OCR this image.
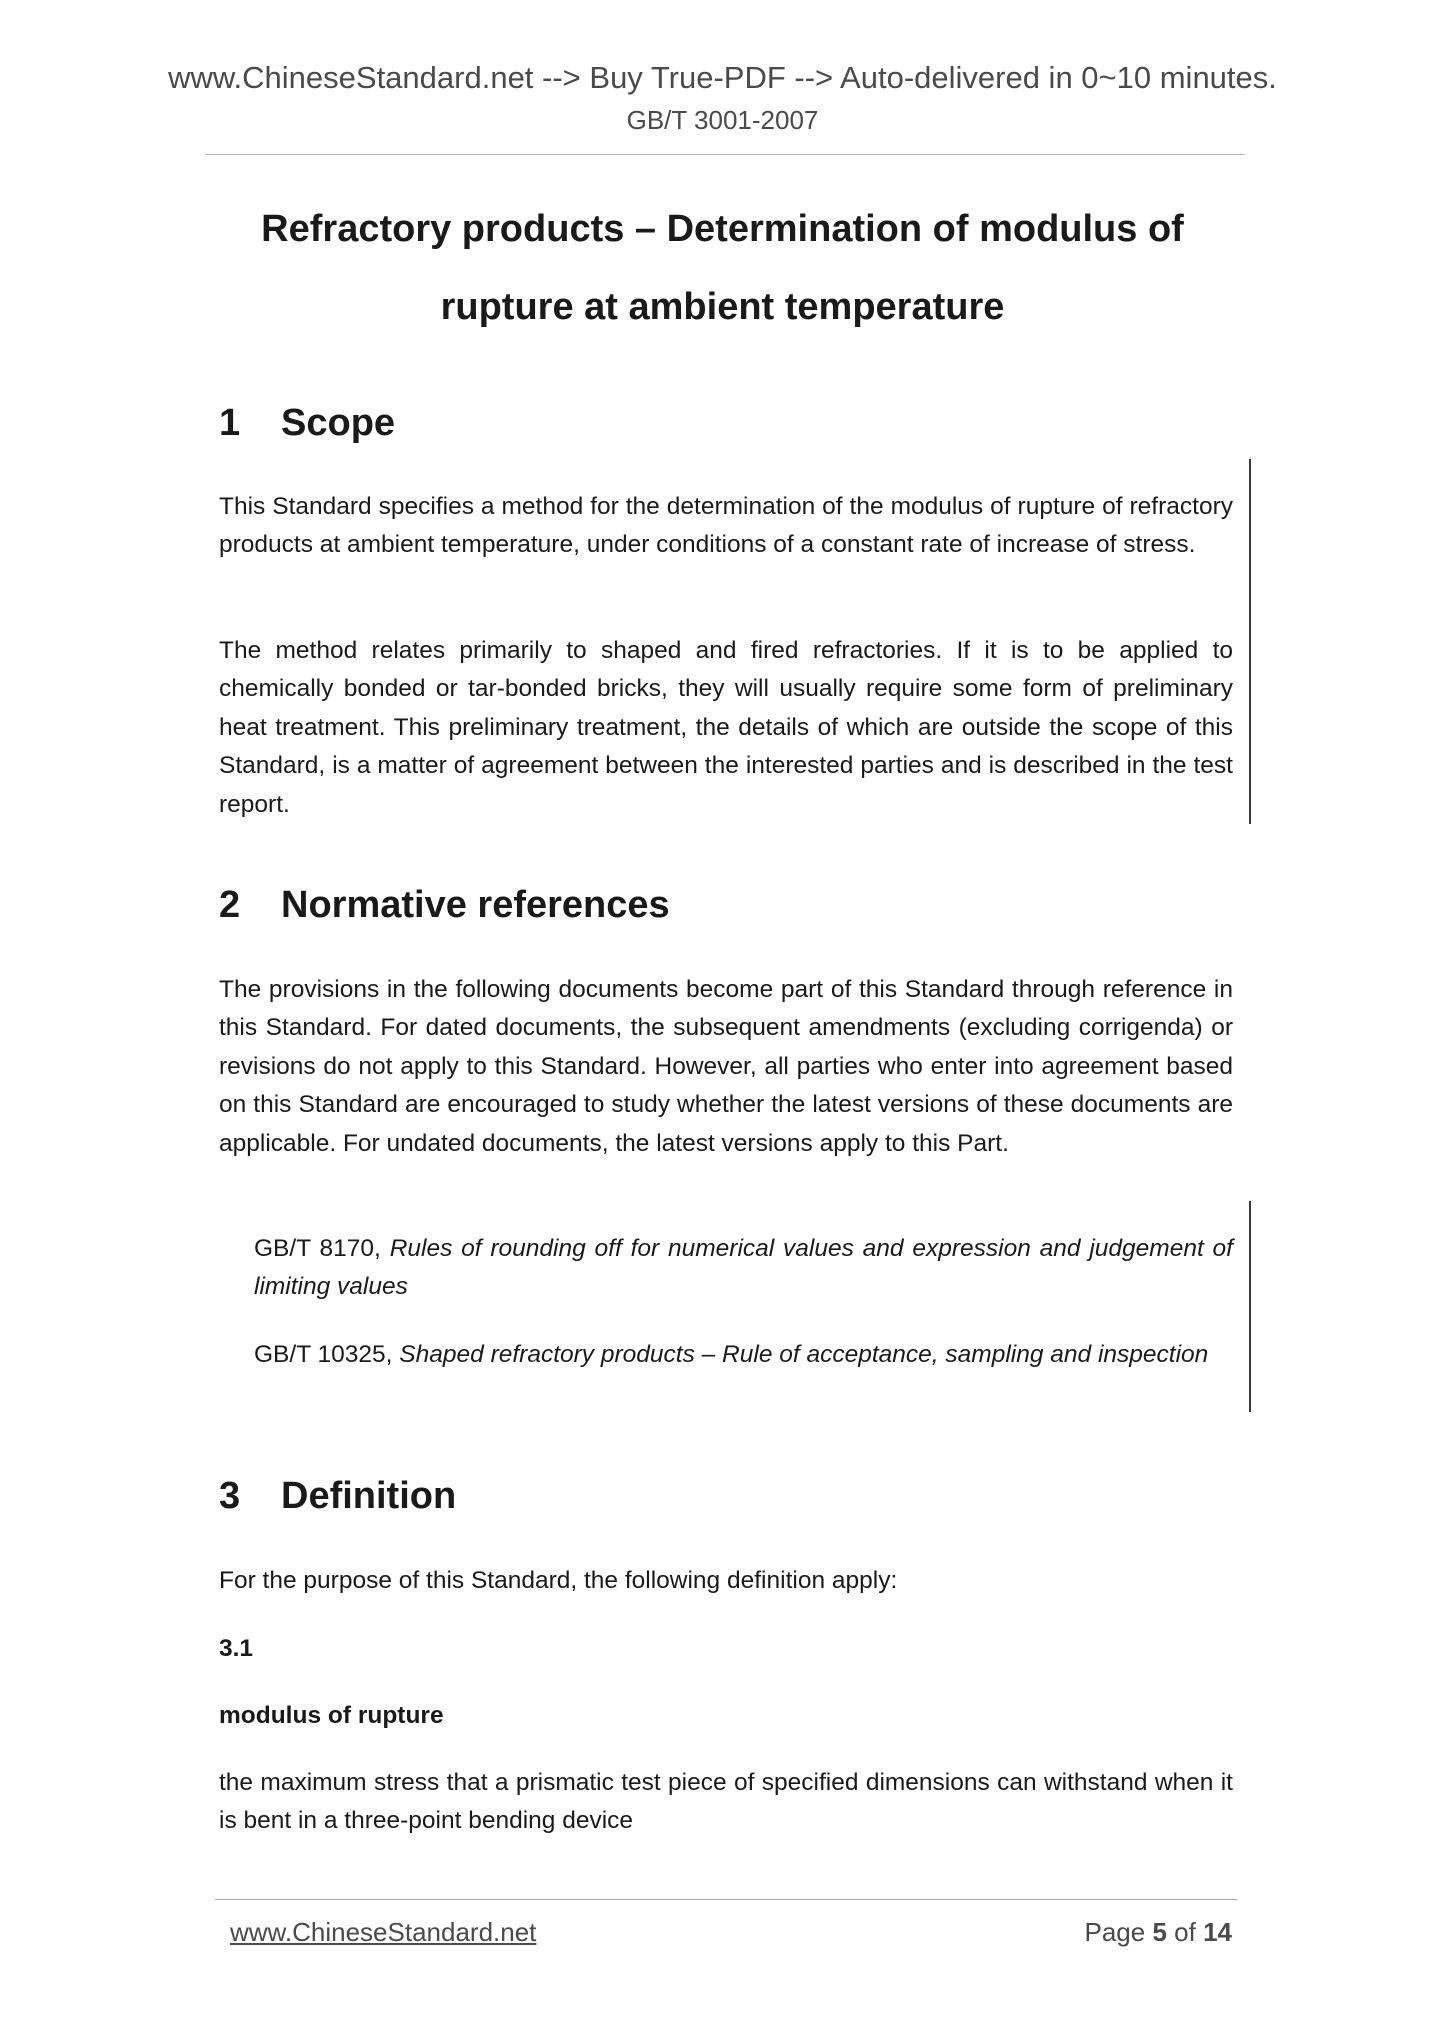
www.ChineseStandard.net --> Buy True-PDF --> Auto-delivered in 0~10 minutes.
GB/T 3001-2007
Refractory products – Determination of modulus of
rupture at ambient temperature
1 Scope
This Standard specifies a method for the determination of the modulus of rupture of refractory products at ambient temperature, under conditions of a constant rate of increase of stress.
The method relates primarily to shaped and fired refractories. If it is to be applied to chemically bonded or tar-bonded bricks, they will usually require some form of preliminary heat treatment. This preliminary treatment, the details of which are outside the scope of this Standard, is a matter of agreement between the interested parties and is described in the test report.
2 Normative references
The provisions in the following documents become part of this Standard through reference in this Standard. For dated documents, the subsequent amendments (excluding corrigenda) or revisions do not apply to this Standard. However, all parties who enter into agreement based on this Standard are encouraged to study whether the latest versions of these documents are applicable. For undated documents, the latest versions apply to this Part.
GB/T 8170, Rules of rounding off for numerical values and expression and judgement of limiting values
GB/T 10325, Shaped refractory products – Rule of acceptance, sampling and inspection
3 Definition
For the purpose of this Standard, the following definition apply:
3.1
modulus of rupture
the maximum stress that a prismatic test piece of specified dimensions can withstand when it is bent in a three-point bending device
www.ChineseStandard.net	Page 5 of 14
